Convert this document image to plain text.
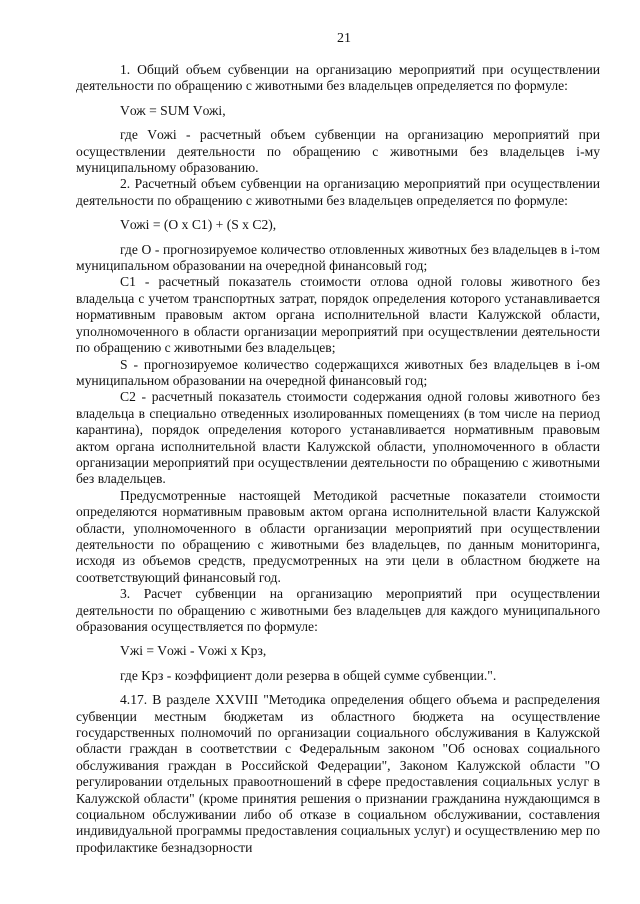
21

1. Общий объем субвенции на организацию мероприятий при осуществлении деятельности по обращению с животными без владельцев определяется по формуле:

Vож = SUM Vожi,

где Vожi - расчетный объем субвенции на организацию мероприятий при осуществлении деятельности по обращению с животными без владельцев i-му муниципальному образованию.

2. Расчетный объем субвенции на организацию мероприятий при осуществлении деятельности по обращению с животными без владельцев определяется по формуле:

Vожi = (O x C1) + (S x C2),

где O - прогнозируемое количество отловленных животных без владельцев в i-том муниципальном образовании на очередной финансовый год;

C1 - расчетный показатель стоимости отлова одной головы животного без владельца с учетом транспортных затрат, порядок определения которого устанавливается нормативным правовым актом органа исполнительной власти Калужской области, уполномоченного в области организации мероприятий при осуществлении деятельности по обращению с животными без владельцев;

S - прогнозируемое количество содержащихся животных без владельцев в i-ом муниципальном образовании на очередной финансовый год;

C2 - расчетный показатель стоимости содержания одной головы животного без владельца в специально отведенных изолированных помещениях (в том числе на период карантина), порядок определения которого устанавливается нормативным правовым актом органа исполнительной власти Калужской области, уполномоченного в области организации мероприятий при осуществлении деятельности по обращению с животными без владельцев.

Предусмотренные настоящей Методикой расчетные показатели стоимости определяются нормативным правовым актом органа исполнительной власти Калужской области, уполномоченного в области организации мероприятий при осуществлении деятельности по обращению с животными без владельцев, по данным мониторинга, исходя из объемов средств, предусмотренных на эти цели в областном бюджете на соответствующий финансовый год.

3. Расчет субвенции на организацию мероприятий при осуществлении деятельности по обращению с животными без владельцев для каждого муниципального образования осуществляется по формуле:

Vжi = Vожi - Vожi x Kрз,

где Kрз - коэффициент доли резерва в общей сумме субвенции.".

4.17. В разделе XXVIII "Методика определения общего объема и распределения субвенции местным бюджетам из областного бюджета на осуществление государственных полномочий по организации социального обслуживания в Калужской области граждан в соответствии с Федеральным законом "Об основах социального обслуживания граждан в Российской Федерации", Законом Калужской области "О регулировании отдельных правоотношений в сфере предоставления социальных услуг в Калужской области" (кроме принятия решения о признании гражданина нуждающимся в социальном обслуживании либо об отказе в социальном обслуживании, составления индивидуальной программы предоставления социальных услуг) и осуществлению мер по профилактике безнадзорности
